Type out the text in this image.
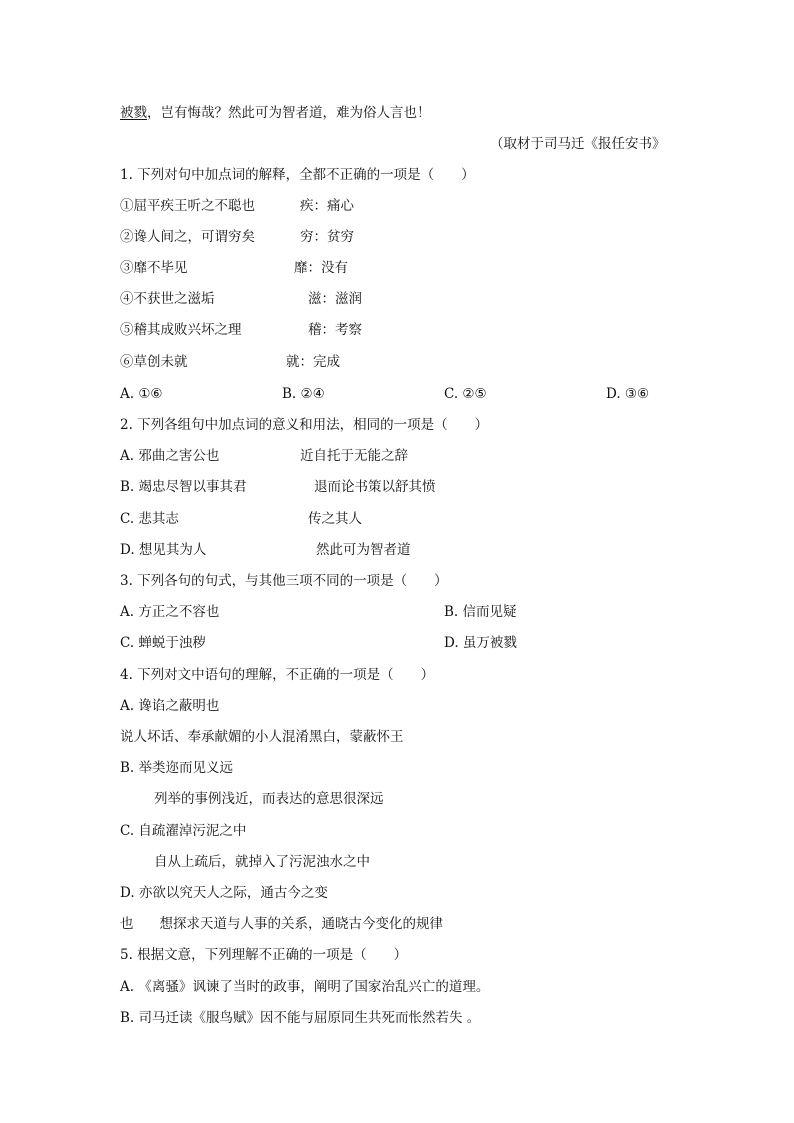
被戮，岂有悔哉？然此可为智者道，难为俗人言也！
（取材于司马迁《报任安书》
1. 下列对句中加点词的解释，全都不正确的一项是（　　）
①屈平疾王听之不聪也	疾：痛心
②谗人间之，可谓穷矣	穷：贫穷
③靡不毕见	靡：没有
④不获世之滋垢	滋：滋润
⑤稽其成败兴坏之理	稽：考察
⑥草创未就	就：完成
A. ①⑥	B. ②④	C. ②⑤	D. ③⑥
2. 下列各组句中加点词的意义和用法，相同的一项是（　　）
A. 邪曲之害公也	近自托于无能之辞
B. 竭忠尽智以事其君	退而论书策以舒其愤
C. 悲其志	传之其人
D. 想见其为人	然此可为智者道
3. 下列各句的句式，与其他三项不同的一项是（　　）
A. 方正之不容也	B. 信而见疑
C. 蝉蜕于浊秽	D. 虽万被戮
4. 下列对文中语句的理解，不正确的一项是（　　）
A. 谗谄之蔽明也
说人坏话、奉承献媚的小人混淆黑白，蒙蔽怀王
B. 举类迩而见义远
列举的事例浅近，而表达的意思很深远
C. 自疏濯淖污泥之中
自从上疏后，就掉入了污泥浊水之中
D. 亦欲以究天人之际，通古今之变
也 想探求天道与人事的关系，通晓古今变化的规律
5. 根据文意，下列理解不正确的一项是（　　）
A. 《离骚》讽谏了当时的政事，阐明了国家治乱兴亡的道理。
B. 司马迁读《服鸟赋》因不能与屈原同生共死而怅然若失 。
